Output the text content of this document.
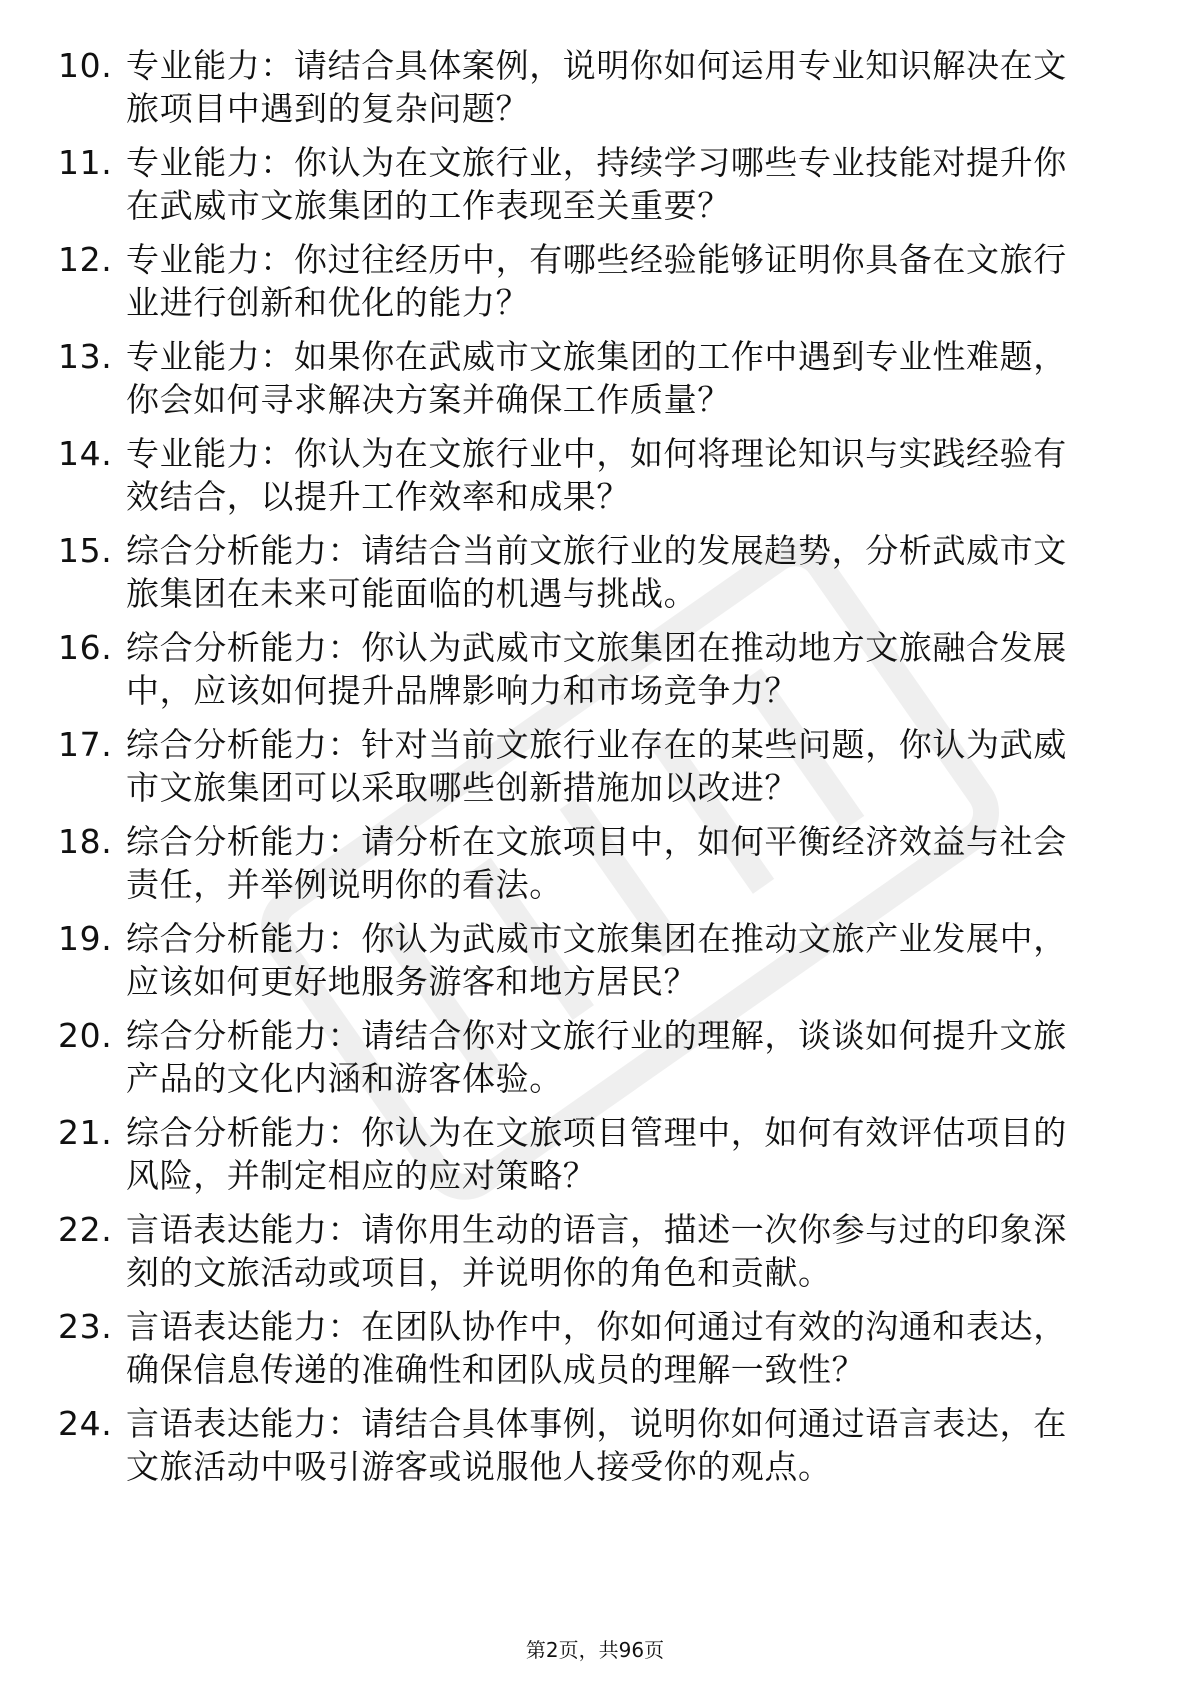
10. 专业能力：请结合具体案例，说明你如何运用专业知识解决在文旅项目中遇到的复杂问题？
11. 专业能力：你认为在文旅行业，持续学习哪些专业技能对提升你在武威市文旅集团的工作表现至关重要？
12. 专业能力：你过往经历中，有哪些经验能够证明你具备在文旅行业进行创新和优化的能力？
13. 专业能力：如果你在武威市文旅集团的工作中遇到专业性难题，你会如何寻求解决方案并确保工作质量？
14. 专业能力：你认为在文旅行业中，如何将理论知识与实践经验有效结合，以提升工作效率和成果？
15. 综合分析能力：请结合当前文旅行业的发展趋势，分析武威市文旅集团在未来可能面临的机遇与挑战。
16. 综合分析能力：你认为武威市文旅集团在推动地方文旅融合发展中，应该如何提升品牌影响力和市场竞争力？
17. 综合分析能力：针对当前文旅行业存在的某些问题，你认为武威市文旅集团可以采取哪些创新措施加以改进？
18. 综合分析能力：请分析在文旅项目中，如何平衡经济效益与社会责任，并举例说明你的看法。
19. 综合分析能力：你认为武威市文旅集团在推动文旅产业发展中，应该如何更好地服务游客和地方居民？
20. 综合分析能力：请结合你对文旅行业的理解，谈谈如何提升文旅产品的文化内涵和游客体验。
21. 综合分析能力：你认为在文旅项目管理中，如何有效评估项目的风险，并制定相应的应对策略？
22. 言语表达能力：请你用生动的语言，描述一次你参与过的印象深刻的文旅活动或项目，并说明你的角色和贡献。
23. 言语表达能力：在团队协作中，你如何通过有效的沟通和表达，确保信息传递的准确性和团队成员的理解一致性？
24. 言语表达能力：请结合具体事例，说明你如何通过语言表达，在文旅活动中吸引游客或说服他人接受你的观点。
第2页，共96页
